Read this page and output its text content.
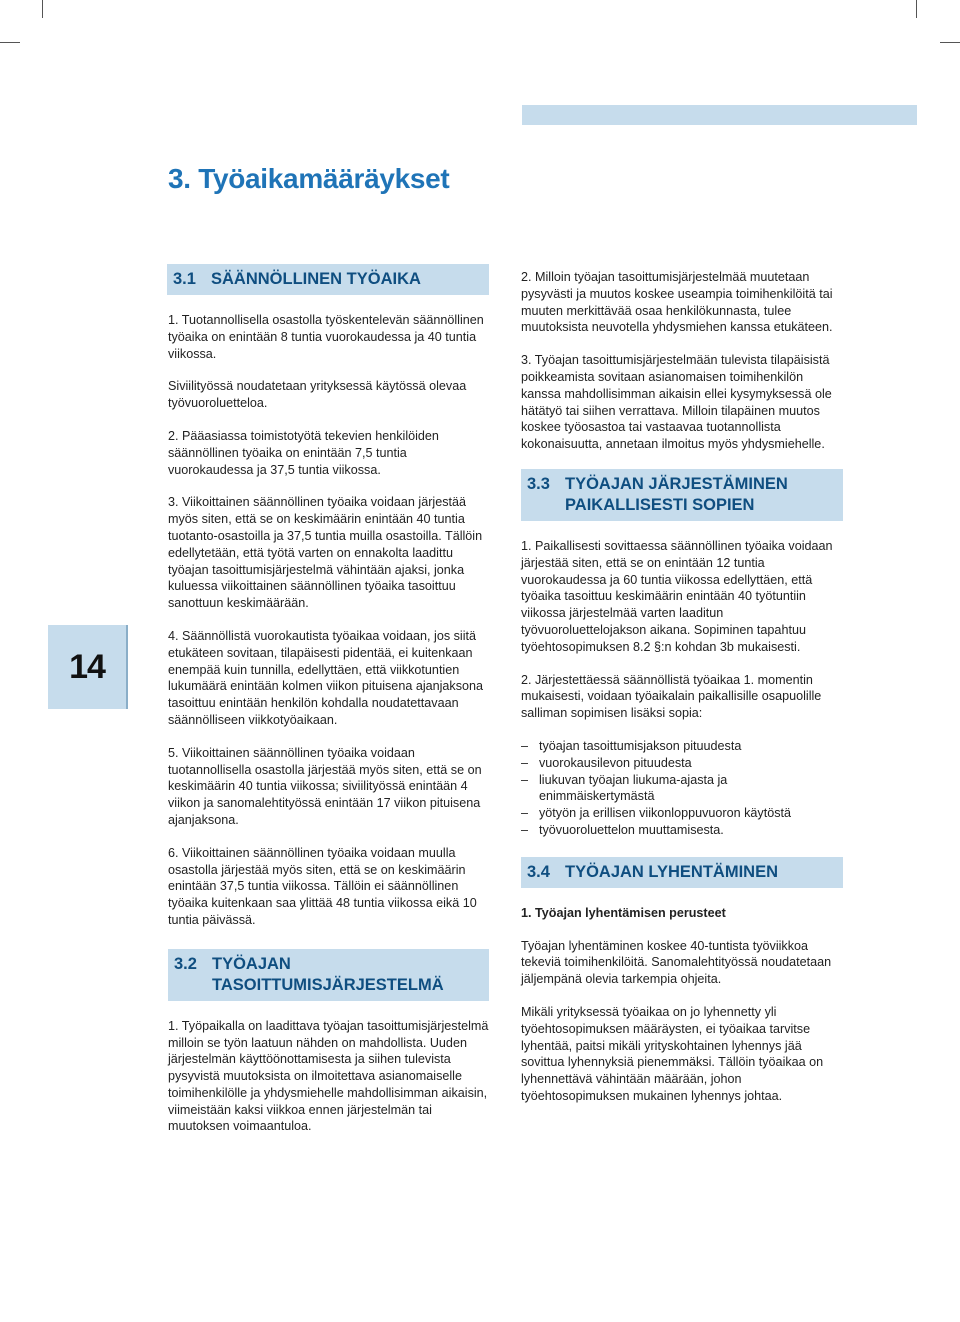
3. Työaikamääräykset
14
3.1 SÄÄNNÖLLINEN TYÖAIKA

1. Tuotannollisella osastolla työskentelevän säännöllinen työaika on enintään 8 tuntia vuorokaudessa ja 40 tuntia viikossa.

Siviilityössä noudatetaan yrityksessä käytössä olevaa työvuoroluetteloa.

2. Pääasiassa toimistotyötä tekevien henkilöiden säännöllinen työaika on enintään 7,5 tuntia vuorokaudessa ja 37,5 tuntia viikossa.

3. Viikoittainen säännöllinen työaika voidaan järjestää myös siten, että se on keskimäärin enintään 40 tuntia tuotanto-osastoilla ja 37,5 tuntia muilla osastoilla. Tällöin edellytetään, että työtä varten on ennakolta laadittu työajan tasoittumisjärjestelmä vähintään ajaksi, jonka kuluessa viikoittainen säännöllinen työaika tasoittuu sanottuun keskimäärään.

4. Säännöllistä vuorokautista työaikaa voidaan, jos siitä etukäteen sovitaan, tilapäisesti pidentää, ei kuitenkaan enempää kuin tunnilla, edellyttäen, että viikkotuntien lukumäärä enintään kolmen viikon pituisena ajanjaksona tasoittuu enintään henkilön kohdalla noudatettavaan säännölliseen viikkotyöaikaan.

5. Viikoittainen säännöllinen työaika voidaan tuotannollisella osastolla järjestää myös siten, että se on keskimäärin 40 tuntia viikossa; siviilityössä enintään 4 viikon ja sanomalehtityössä enintään 17 viikon pituisena ajanjaksona.

6. Viikoittainen säännöllinen työaika voidaan muulla osastolla järjestää myös siten, että se on keskimäärin enintään 37,5 tuntia viikossa. Tällöin ei säännöllinen työaika kuitenkaan saa ylittää 48 tuntia viikossa eikä 10 tuntia päivässä.

3.2 TYÖAJAN TASOITTUMISJÄRJESTELMÄ

1. Työpaikalla on laadittava työajan tasoittumisjärjestelmä milloin se työn laatuun nähden on mahdollista. Uuden järjestelmän käyttöönottamisesta ja siihen tulevista pysyvistä muutoksista on ilmoitettava asianomaiselle toimihenkilölle ja yhdysmiehelle mahdollisimman aikaisin, viimeistään kaksi viikkoa ennen järjestelmän tai muutoksen voimaantuloa.

2. Milloin työajan tasoittumisjärjestelmää muutetaan pysyvästi ja muutos koskee useampia toimihenkilöitä tai muuten merkittävää osaa henkilökunnasta, tulee muutoksista neuvotella yhdysmiehen kanssa etukäteen.

3. Työajan tasoittumisjärjestelmään tulevista tilapäisistä poikkeamista sovitaan asianomaisen toimihenkilön kanssa mahdollisimman aikaisin ellei kysymyksessä ole hätätyö tai siihen verrattava. Milloin tilapäinen muutos koskee työosastoa tai vastaavaa tuotannollista kokonaisuutta, annetaan ilmoitus myös yhdysmiehelle.

3.3 TYÖAJAN JÄRJESTÄMINEN PAIKALLISESTI SOPIEN

1. Paikallisesti sovittaessa säännöllinen työaika voidaan järjestää siten, että se on enintään 12 tuntia vuorokaudessa ja 60 tuntia viikossa edellyttäen, että työaika tasoittuu keskimäärin enintään 40 työtuntiin viikossa järjestelmää varten laaditun työvuoroluettelojakson aikana. Sopiminen tapahtuu työehtosopimuksen 8.2 §:n kohdan 3b mukaisesti.

2. Järjestettäessä säännöllistä työaikaa 1. momentin mukaisesti, voidaan työaikalain paikallisille osapuolille salliman sopimisen lisäksi sopia:

– työajan tasoittumisjakson pituudesta
– vuorokausilevon pituudesta
– liukuvan työajan liukuma-ajasta ja enimmäiskertymästä
– yötyön ja erillisen viikonloppuvuoron käytöstä
– työvuoroluettelon muuttamisesta.
3.4 TYÖAJAN LYHENTÄMINEN
1. Työajan lyhentämisen perusteet

Työajan lyhentäminen koskee 40-tuntista työviikkoa tekeviä toimihenkilöitä. Sanomalehtityössä noudatetaan jäljempänä olevia tarkempia ohjeita.

Mikäli yrityksessä työaikaa on jo lyhennetty yli työehtosopimuksen määräysten, ei työaikaa tarvitse lyhentää, paitsi mikäli yrityskohtainen lyhennys jää sovittua lyhennyksiä pienemmäksi. Tällöin työaikaa on lyhennettävä vähintään määrään, johon työehtosopimuksen mukainen lyhennys johtaa.
